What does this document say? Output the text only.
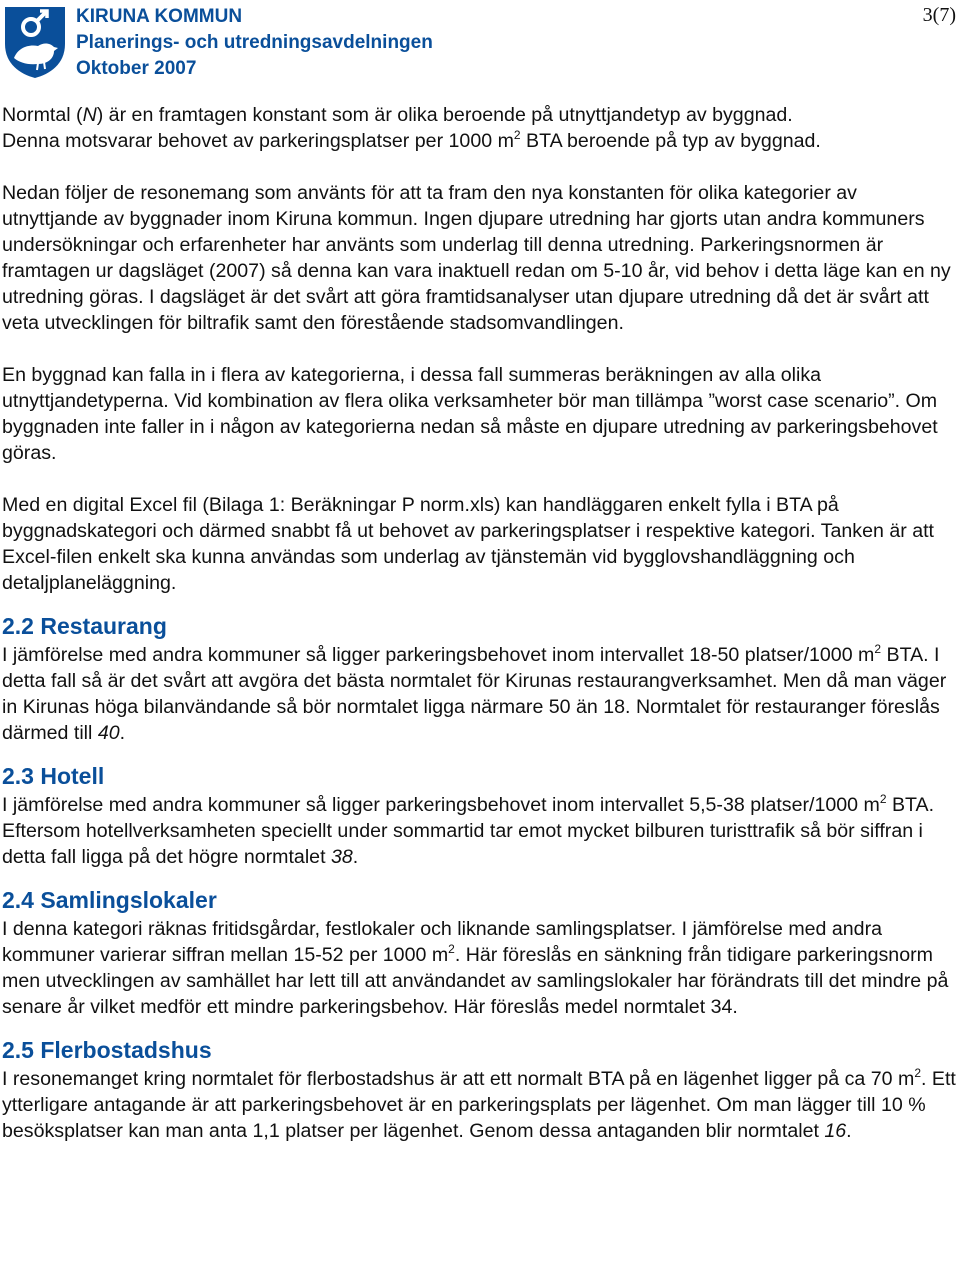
KIRUNA KOMMUN
Planerings- och utredningsavdelningen
Oktober 2007
3(7)

Normtal (N) är en framtagen konstant som är olika beroende på utnyttjandetyp av byggnad.
Denna motsvarar behovet av parkeringsplatser per 1000 $m^2$ BTA beroende på typ av byggnad.

Nedan följer de resonemang som använts för att ta fram den nya konstanten för olika kategorier av utnyttjande av byggnader inom Kiruna kommun. Ingen djupare utredning har gjorts utan andra kommuners undersökningar och erfarenheter har använts som underlag till denna utredning. Parkeringsnormen är framtagen ur dagsläget (2007) så denna kan vara inaktuell redan om 5-10 år, vid behov i detta läge kan en ny utredning göras. I dagsläget är det svårt att göra framtidsanalyser utan djupare utredning då det är svårt att veta utvecklingen för biltrafik samt den förestående stadsomvandlingen.

En byggnad kan falla in i flera av kategorierna, i dessa fall summeras beräkningen av alla olika utnyttjandetyperna. Vid kombination av flera olika verksamheter bör man tillämpa ”worst case scenario”. Om byggnaden inte faller in i någon av kategorierna nedan så måste en djupare utredning av parkeringsbehovet göras.

Med en digital Excel fil (Bilaga 1: Beräkningar P norm.xls) kan handläggaren enkelt fylla i BTA på byggnadskategori och därmed snabbt få ut behovet av parkeringsplatser i respektive kategori. Tanken är att Excel-filen enkelt ska kunna användas som underlag av tjänstemän vid bygglovshandläggning och detaljplaneläggning.

2.2 Restaurang

I jämförelse med andra kommuner så ligger parkeringsbehovet inom intervallet 18-50 platser/1000 $m^2$ BTA. I detta fall så är det svårt att avgöra det bästa normtalet för Kirunas restaurangverksamhet. Men då man väger in Kirunas höga bilanvändande så bör normtalet ligga närmare 50 än 18. Normtalet för restauranger föreslås därmed till 40.

2.3 Hotell

I jämförelse med andra kommuner så ligger parkeringsbehovet inom intervallet 5,5-38 platser/1000 $m^2$ BTA. Eftersom hotellverksamheten speciellt under sommartid tar emot mycket bilburen turisttrafik så bör siffran i detta fall ligga på det högre normtalet 38.

2.4 Samlingslokaler

I denna kategori räknas fritidsgårdar, festlokaler och liknande samlingsplatser. I jämförelse med andra kommuner varierar siffran mellan 15-52 per 1000 $m^2$. Här föreslås en sänkning från tidigare parkeringsnorm men utvecklingen av samhället har lett till att användandet av samlingslokaler har förändrats till det mindre på senare år vilket medför ett mindre parkeringsbehov. Här föreslås medel normtalet 34.

2.5 Flerbostadshus

I resonemanget kring normtalet för flerbostadshus är att ett normalt BTA på en lägenhet ligger på ca 70 $m^2$. Ett ytterligare antagande är att parkeringsbehovet är en parkeringsplats per lägenhet. Om man lägger till 10 % besöksplatser kan man anta 1,1 platser per lägenhet. Genom dessa antaganden blir normtalet 16.
